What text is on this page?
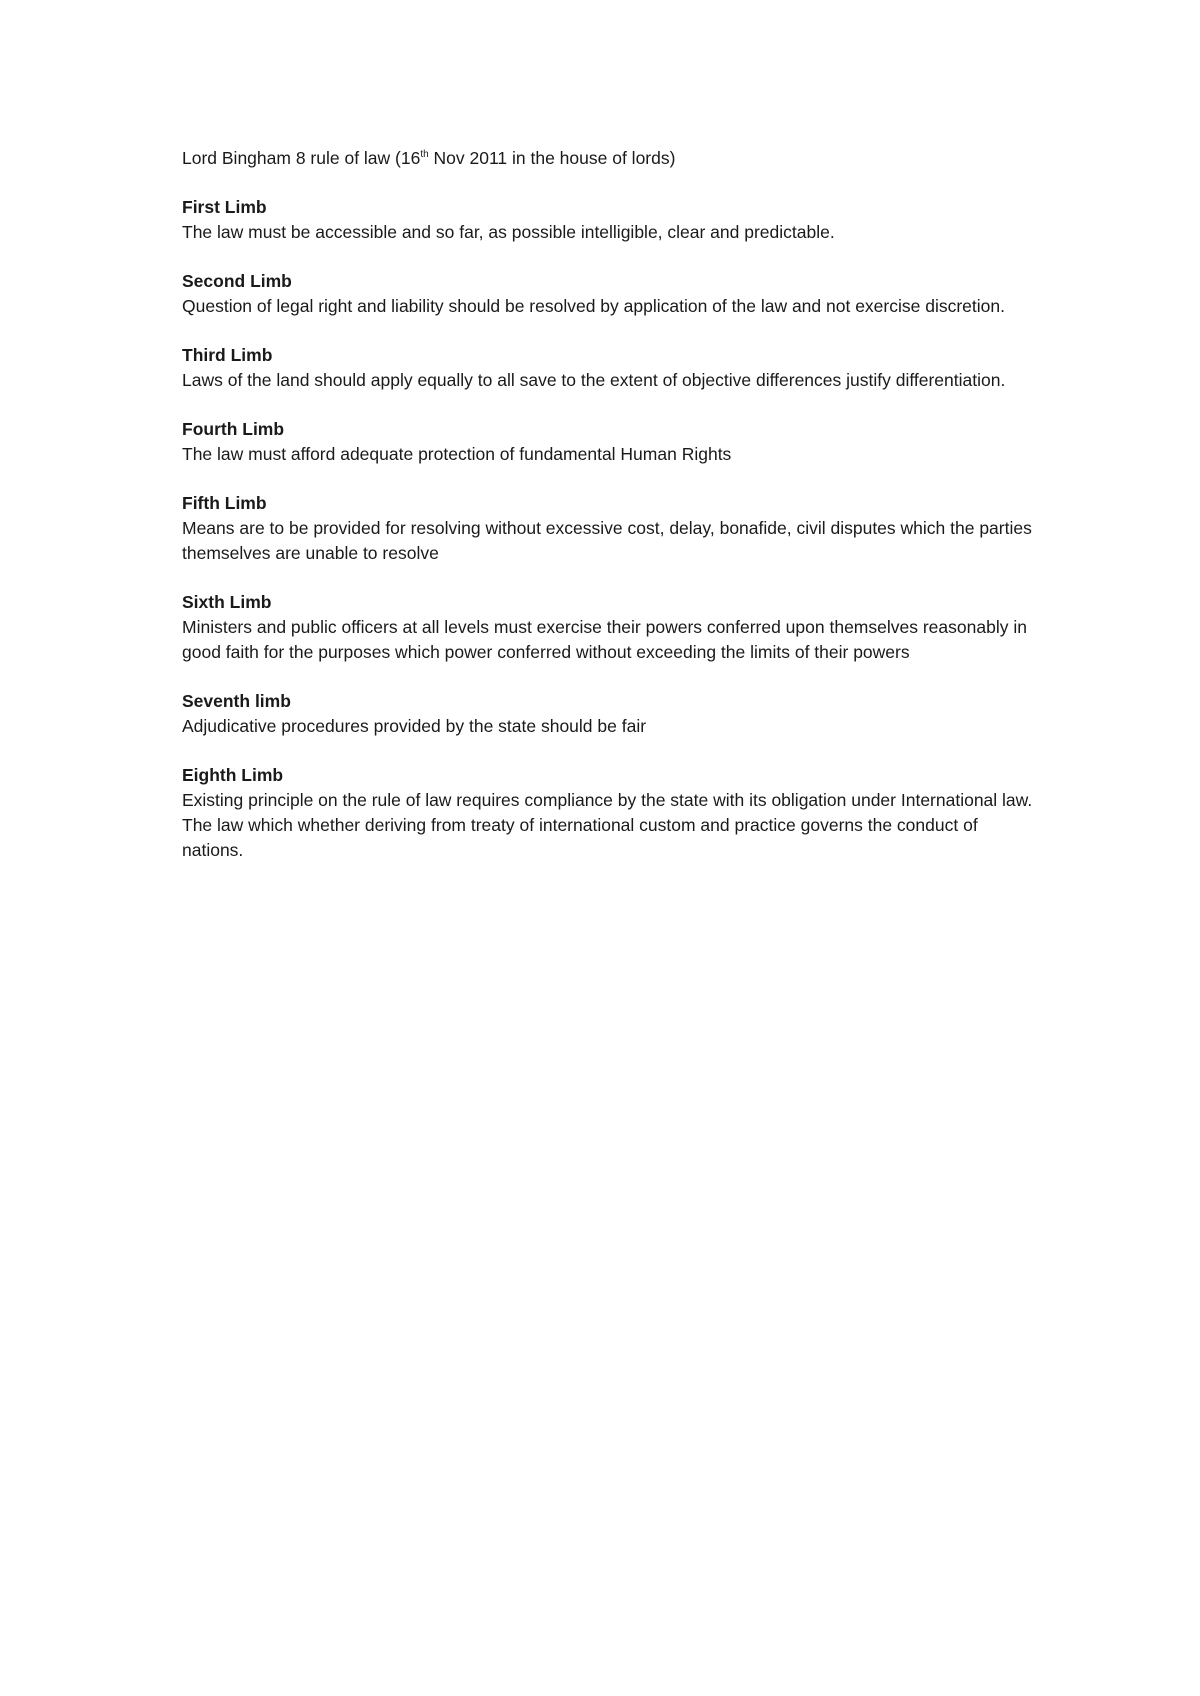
Lord Bingham 8 rule of law (16th Nov 2011 in the house of lords)

First Limb

The law must be accessible and so far, as possible intelligible, clear and predictable.

Second Limb

Question of legal right and liability should be resolved by application of the law and not exercise discretion.

Third Limb

Laws of the land should apply equally to all save to the extent of objective differences justify differentiation.

Fourth Limb

The law must afford adequate protection of fundamental Human Rights

Fifth Limb

Means are to be provided for resolving without excessive cost, delay, bonafide, civil disputes which the parties themselves are unable to resolve

Sixth Limb

Ministers and public officers at all levels must exercise their powers conferred upon themselves reasonably in good faith for the purposes which power conferred without exceeding the limits of their powers

Seventh limb

Adjudicative procedures provided by the state should be fair

Eighth Limb

Existing principle on the rule of law requires compliance by the state with its obligation under International law. The law which whether deriving from treaty of international custom and practice governs the conduct of nations.
